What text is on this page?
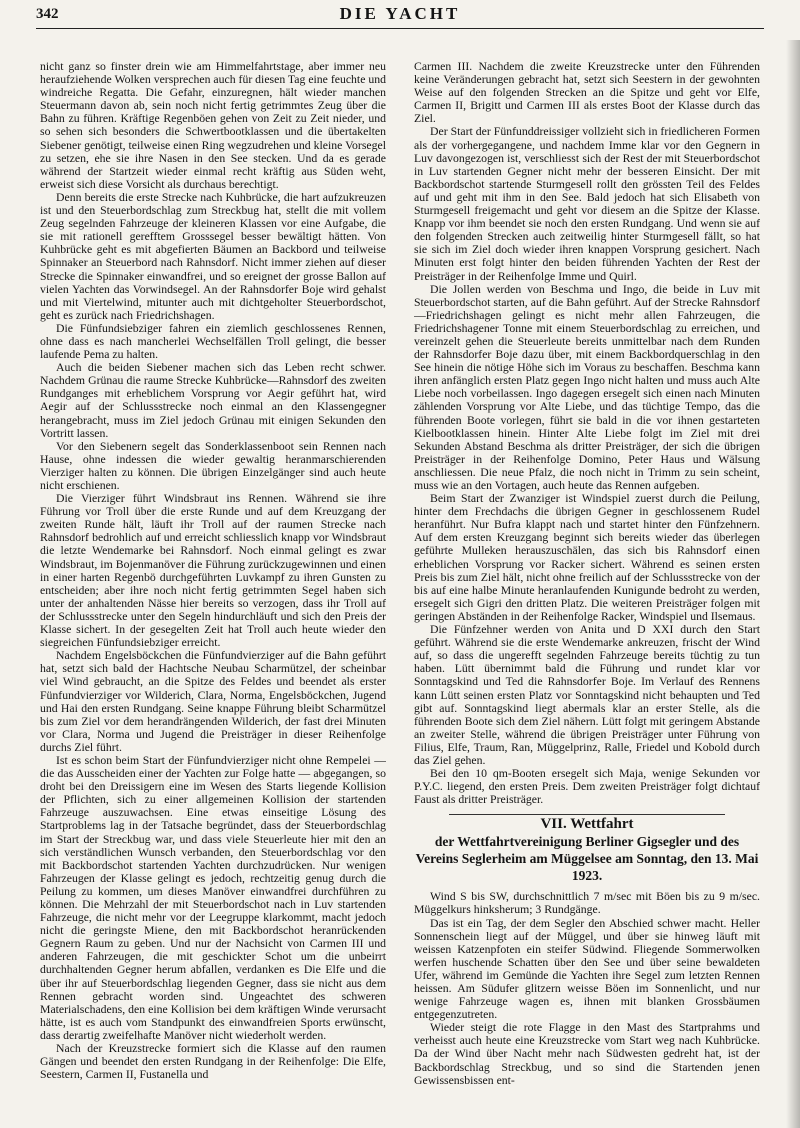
342	DIE YACHT

nicht ganz so finster drein wie am Himmelfahrtstage, aber immer neu heraufziehende Wolken versprechen auch für diesen Tag eine feuchte und windreiche Regatta. Die Gefahr, einzuregnen, hält wieder manchen Steuermann davon ab, sein noch nicht fertig getrimmtes Zeug über die Bahn zu führen. Kräftige Regenböen gehen von Zeit zu Zeit nieder, und so sehen sich besonders die Schwertbootklassen und die übertakelten Siebener genötigt, teilweise einen Ring wegzudrehen und kleine Vorsegel zu setzen, ehe sie ihre Nasen in den See stecken. Und da es gerade während der Startzeit wieder einmal recht kräftig aus Süden weht, erweist sich diese Vorsicht als durchaus berechtigt.

Denn bereits die erste Strecke nach Kuhbrücke, die hart aufzukreuzen ist und den Steuerbordschlag zum Streckbug hat, stellt die mit vollem Zeug segelnden Fahrzeuge der kleineren Klassen vor eine Aufgabe, die sie mit rationell gerefftem Grosssegel besser bewältigt hätten. Von Kuhbrücke geht es mit abgefierten Bäumen an Backbord und teilweise Spinnaker an Steuerbord nach Rahnsdorf. Nicht immer ziehen auf dieser Strecke die Spinnaker einwandfrei, und so ereignet der grosse Ballon auf vielen Yachten das Vorwindsegel. An der Rahnsdorfer Boje wird gehalst und mit Viertelwind, mitunter auch mit dichtgeholter Steuerbordschot, geht es zurück nach Friedrichshagen.

Die Fünfundsiebziger fahren ein ziemlich geschlossenes Rennen, ohne dass es nach mancherlei Wechselfällen Troll gelingt, die besser laufende Pema zu halten.

Auch die beiden Siebener machen sich das Leben recht schwer. Nachdem Grünau die raume Strecke Kuhbrücke—Rahnsdorf des zweiten Rundganges mit erheblichem Vorsprung vor Aegir geführt hat, wird Aegir auf der Schlussstrecke noch einmal an den Klassengegner herangebracht, muss im Ziel jedoch Grünau mit einigen Sekunden den Vortritt lassen.

Vor den Siebenern segelt das Sonderklassenboot sein Rennen nach Hause, ohne indessen die wieder gewaltig heranmarschierenden Vierziger halten zu können. Die übrigen Einzelgänger sind auch heute nicht erschienen.

Die Vierziger führt Windsbraut ins Rennen. Während sie ihre Führung vor Troll über die erste Runde und auf dem Kreuzgang der zweiten Runde hält, läuft ihr Troll auf der raumen Strecke nach Rahnsdorf bedrohlich auf und erreicht schliesslich knapp vor Windsbraut die letzte Wendemarke bei Rahnsdorf. Noch einmal gelingt es zwar Windsbraut, im Bojenmanöver die Führung zurückzugewinnen und einen in einer harten Regenbö durchgeführten Luvkampf zu ihren Gunsten zu entscheiden; aber ihre noch nicht fertig getrimmten Segel haben sich unter der anhaltenden Nässe hier bereits so verzogen, dass ihr Troll auf der Schlussstrecke unter den Segeln hindurchläuft und sich den Preis der Klasse sichert. In der gesegelten Zeit hat Troll auch heute wieder den siegreichen Fünfundsiebziger erreicht.

Nachdem Engelsböckchen die Fünfundvierziger auf die Bahn geführt hat, setzt sich bald der Hachtsche Neubau Scharmützel, der scheinbar viel Wind gebraucht, an die Spitze des Feldes und beendet als erster Fünfundvierziger vor Wilderich, Clara, Norma, Engelsböckchen, Jugend und Hai den ersten Rundgang. Seine knappe Führung bleibt Scharmützel bis zum Ziel vor dem herandrängenden Wilderich, der fast drei Minuten vor Clara, Norma und Jugend die Preisträger in dieser Reihenfolge durchs Ziel führt.

Ist es schon beim Start der Fünfundvierziger nicht ohne Rempelei — die das Ausscheiden einer der Yachten zur Folge hatte — abgegangen, so droht bei den Dreissigern eine im Wesen des Starts liegende Kollision der Pflichten, sich zu einer allgemeinen Kollision der startenden Fahrzeuge auszuwachsen. Eine etwas einseitige Lösung des Startproblems lag in der Tatsache begründet, dass der Steuerbordschlag im Start der Streckbug war, und dass viele Steuerleute hier mit den an sich verständlichen Wunsch verbanden, den Steuerbordschlag vor den mit Backbordschot startenden Yachten durchzudrücken. Nur wenigen Fahrzeugen der Klasse gelingt es jedoch, rechtzeitig genug durch die Peilung zu kommen, um dieses Manöver einwandfrei durchführen zu können. Die Mehrzahl der mit Steuerbordschot nach in Luv startenden Fahrzeuge, die nicht mehr vor der Leegruppe klarkommt, macht jedoch nicht die geringste Miene, den mit Backbordschot heranrückenden Gegnern Raum zu geben. Und nur der Nachsicht von Carmen III und anderen Fahrzeugen, die mit geschickter Schot um die unbeirrt durchhaltenden Gegner herum abfallen, verdanken es Die Elfe und die über ihr auf Steuerbordschlag liegenden Gegner, dass sie nicht aus dem Rennen gebracht worden sind. Ungeachtet des schweren Materialschadens, den eine Kollision bei dem kräftigen Winde verursacht hätte, ist es auch vom Standpunkt des einwandfreien Sports erwünscht, dass derartig zweifelhafte Manöver nicht wiederholt werden.

Nach der Kreuzstrecke formiert sich die Klasse auf den raumen Gängen und beendet den ersten Rundgang in der Reihenfolge: Die Elfe, Seestern, Carmen II, Fustanella und

Carmen III. Nachdem die zweite Kreuzstrecke unter den Führenden keine Veränderungen gebracht hat, setzt sich Seestern in der gewohnten Weise auf den folgenden Strecken an die Spitze und geht vor Elfe, Carmen II, Brigitt und Carmen III als erstes Boot der Klasse durch das Ziel.

Der Start der Fünfunddreissiger vollzieht sich in friedlicheren Formen als der vorhergegangene, und nachdem Imme klar vor den Gegnern in Luv davongezogen ist, verschliesst sich der Rest der mit Steuerbordschot in Luv startenden Gegner nicht mehr der besseren Einsicht. Der mit Backbordschot startende Sturmgesell rollt den grössten Teil des Feldes auf und geht mit ihm in den See. Bald jedoch hat sich Elisabeth von Sturmgesell freigemacht und geht vor diesem an die Spitze der Klasse. Knapp vor ihm beendet sie noch den ersten Rundgang. Und wenn sie auf den folgenden Strecken auch zeitweilig hinter Sturmgesell fällt, so hat sie sich im Ziel doch wieder ihren knappen Vorsprung gesichert. Nach Minuten erst folgt hinter den beiden führenden Yachten der Rest der Preisträger in der Reihenfolge Imme und Quirl.

Die Jollen werden von Beschma und Ingo, die beide in Luv mit Steuerbordschot starten, auf die Bahn geführt. Auf der Strecke Rahnsdorf—Friedrichshagen gelingt es nicht mehr allen Fahrzeugen, die Friedrichshagener Tonne mit einem Steuerbordschlag zu erreichen, und vereinzelt gehen die Steuerleute bereits unmittelbar nach dem Runden der Rahnsdorfer Boje dazu über, mit einem Backbordquerschlag in den See hinein die nötige Höhe sich im Voraus zu beschaffen. Beschma kann ihren anfänglich ersten Platz gegen Ingo nicht halten und muss auch Alte Liebe noch vorbeilassen. Ingo dagegen ersegelt sich einen nach Minuten zählenden Vorsprung vor Alte Liebe, und das tüchtige Tempo, das die führenden Boote vorlegen, führt sie bald in die vor ihnen gestarteten Kielbootklassen hinein. Hinter Alte Liebe folgt im Ziel mit drei Sekunden Abstand Beschma als dritter Preisträger, der sich die übrigen Preisträger in der Reihenfolge Domino, Peter Haus und Wälsung anschliessen. Die neue Pfalz, die noch nicht in Trimm zu sein scheint, muss wie an den Vortagen, auch heute das Rennen aufgeben.

Beim Start der Zwanziger ist Windspiel zuerst durch die Peilung, hinter dem Frechdachs die übrigen Gegner in geschlossenem Rudel heranführt. Nur Bufra klappt nach und startet hinter den Fünfzehnern. Auf dem ersten Kreuzgang beginnt sich bereits wieder das überlegen geführte Mulleken herauszuschälen, das sich bis Rahnsdorf einen erheblichen Vorsprung vor Racker sichert. Während es seinen ersten Preis bis zum Ziel hält, nicht ohne freilich auf der Schlussstrecke von der bis auf eine halbe Minute heranlaufenden Kunigunde bedroht zu werden, ersegelt sich Gigri den dritten Platz. Die weiteren Preisträger folgen mit geringen Abständen in der Reihenfolge Racker, Windspiel und Ilsemaus.

Die Fünfzehner werden von Anita und D XXI durch den Start geführt. Während sie die erste Wendemarke ankreuzen, frischt der Wind auf, so dass die ungerefft segelnden Fahrzeuge bereits tüchtig zu tun haben. Lütt übernimmt bald die Führung und rundet klar vor Sonntagskind und Ted die Rahnsdorfer Boje. Im Verlauf des Rennens kann Lütt seinen ersten Platz vor Sonntagskind nicht behaupten und Ted gibt auf. Sonntagskind liegt abermals klar an erster Stelle, als die führenden Boote sich dem Ziel nähern. Lütt folgt mit geringem Abstande an zweiter Stelle, während die übrigen Preisträger unter Führung von Filius, Elfe, Traum, Ran, Müggelprinz, Ralle, Friedel und Kobold durch das Ziel gehen.

Bei den 10 qm-Booten ersegelt sich Maja, wenige Sekunden vor P.Y.C. liegend, den ersten Preis. Dem zweiten Preisträger folgt dichtauf Faust als dritter Preisträger.

VII. Wettfahrt
der Wettfahrtvereinigung Berliner Gigsegler und des Vereins Seglerheim am Müggelsee am Sonntag, den 13. Mai 1923.

Wind S bis SW, durchschnittlich 7 m/sec mit Böen bis zu 9 m/sec. Müggelkurs hinksherum; 3 Rundgänge.

Das ist ein Tag, der dem Segler den Abschied schwer macht. Heller Sonnenschein liegt auf der Müggel, und über sie hinweg läuft mit weissen Katzenpfoten ein steifer Südwind. Fliegende Sommerwolken werfen huschende Schatten über den See und über seine bewaldeten Ufer, während im Gemünde die Yachten ihre Segel zum letzten Rennen heissen. Am Südufer glitzern weisse Böen im Sonnenlicht, und nur wenige Fahrzeuge wagen es, ihnen mit blanken Grossbäumen entgegenzutreten.

Wieder steigt die rote Flagge in den Mast des Startprahms und verheisst auch heute eine Kreuzstrecke vom Start weg nach Kuhbrücke. Da der Wind über Nacht mehr nach Südwesten gedreht hat, ist der Backbordschlag Streckbug, und so sind die Startenden jenen Gewissensbissen ent-
